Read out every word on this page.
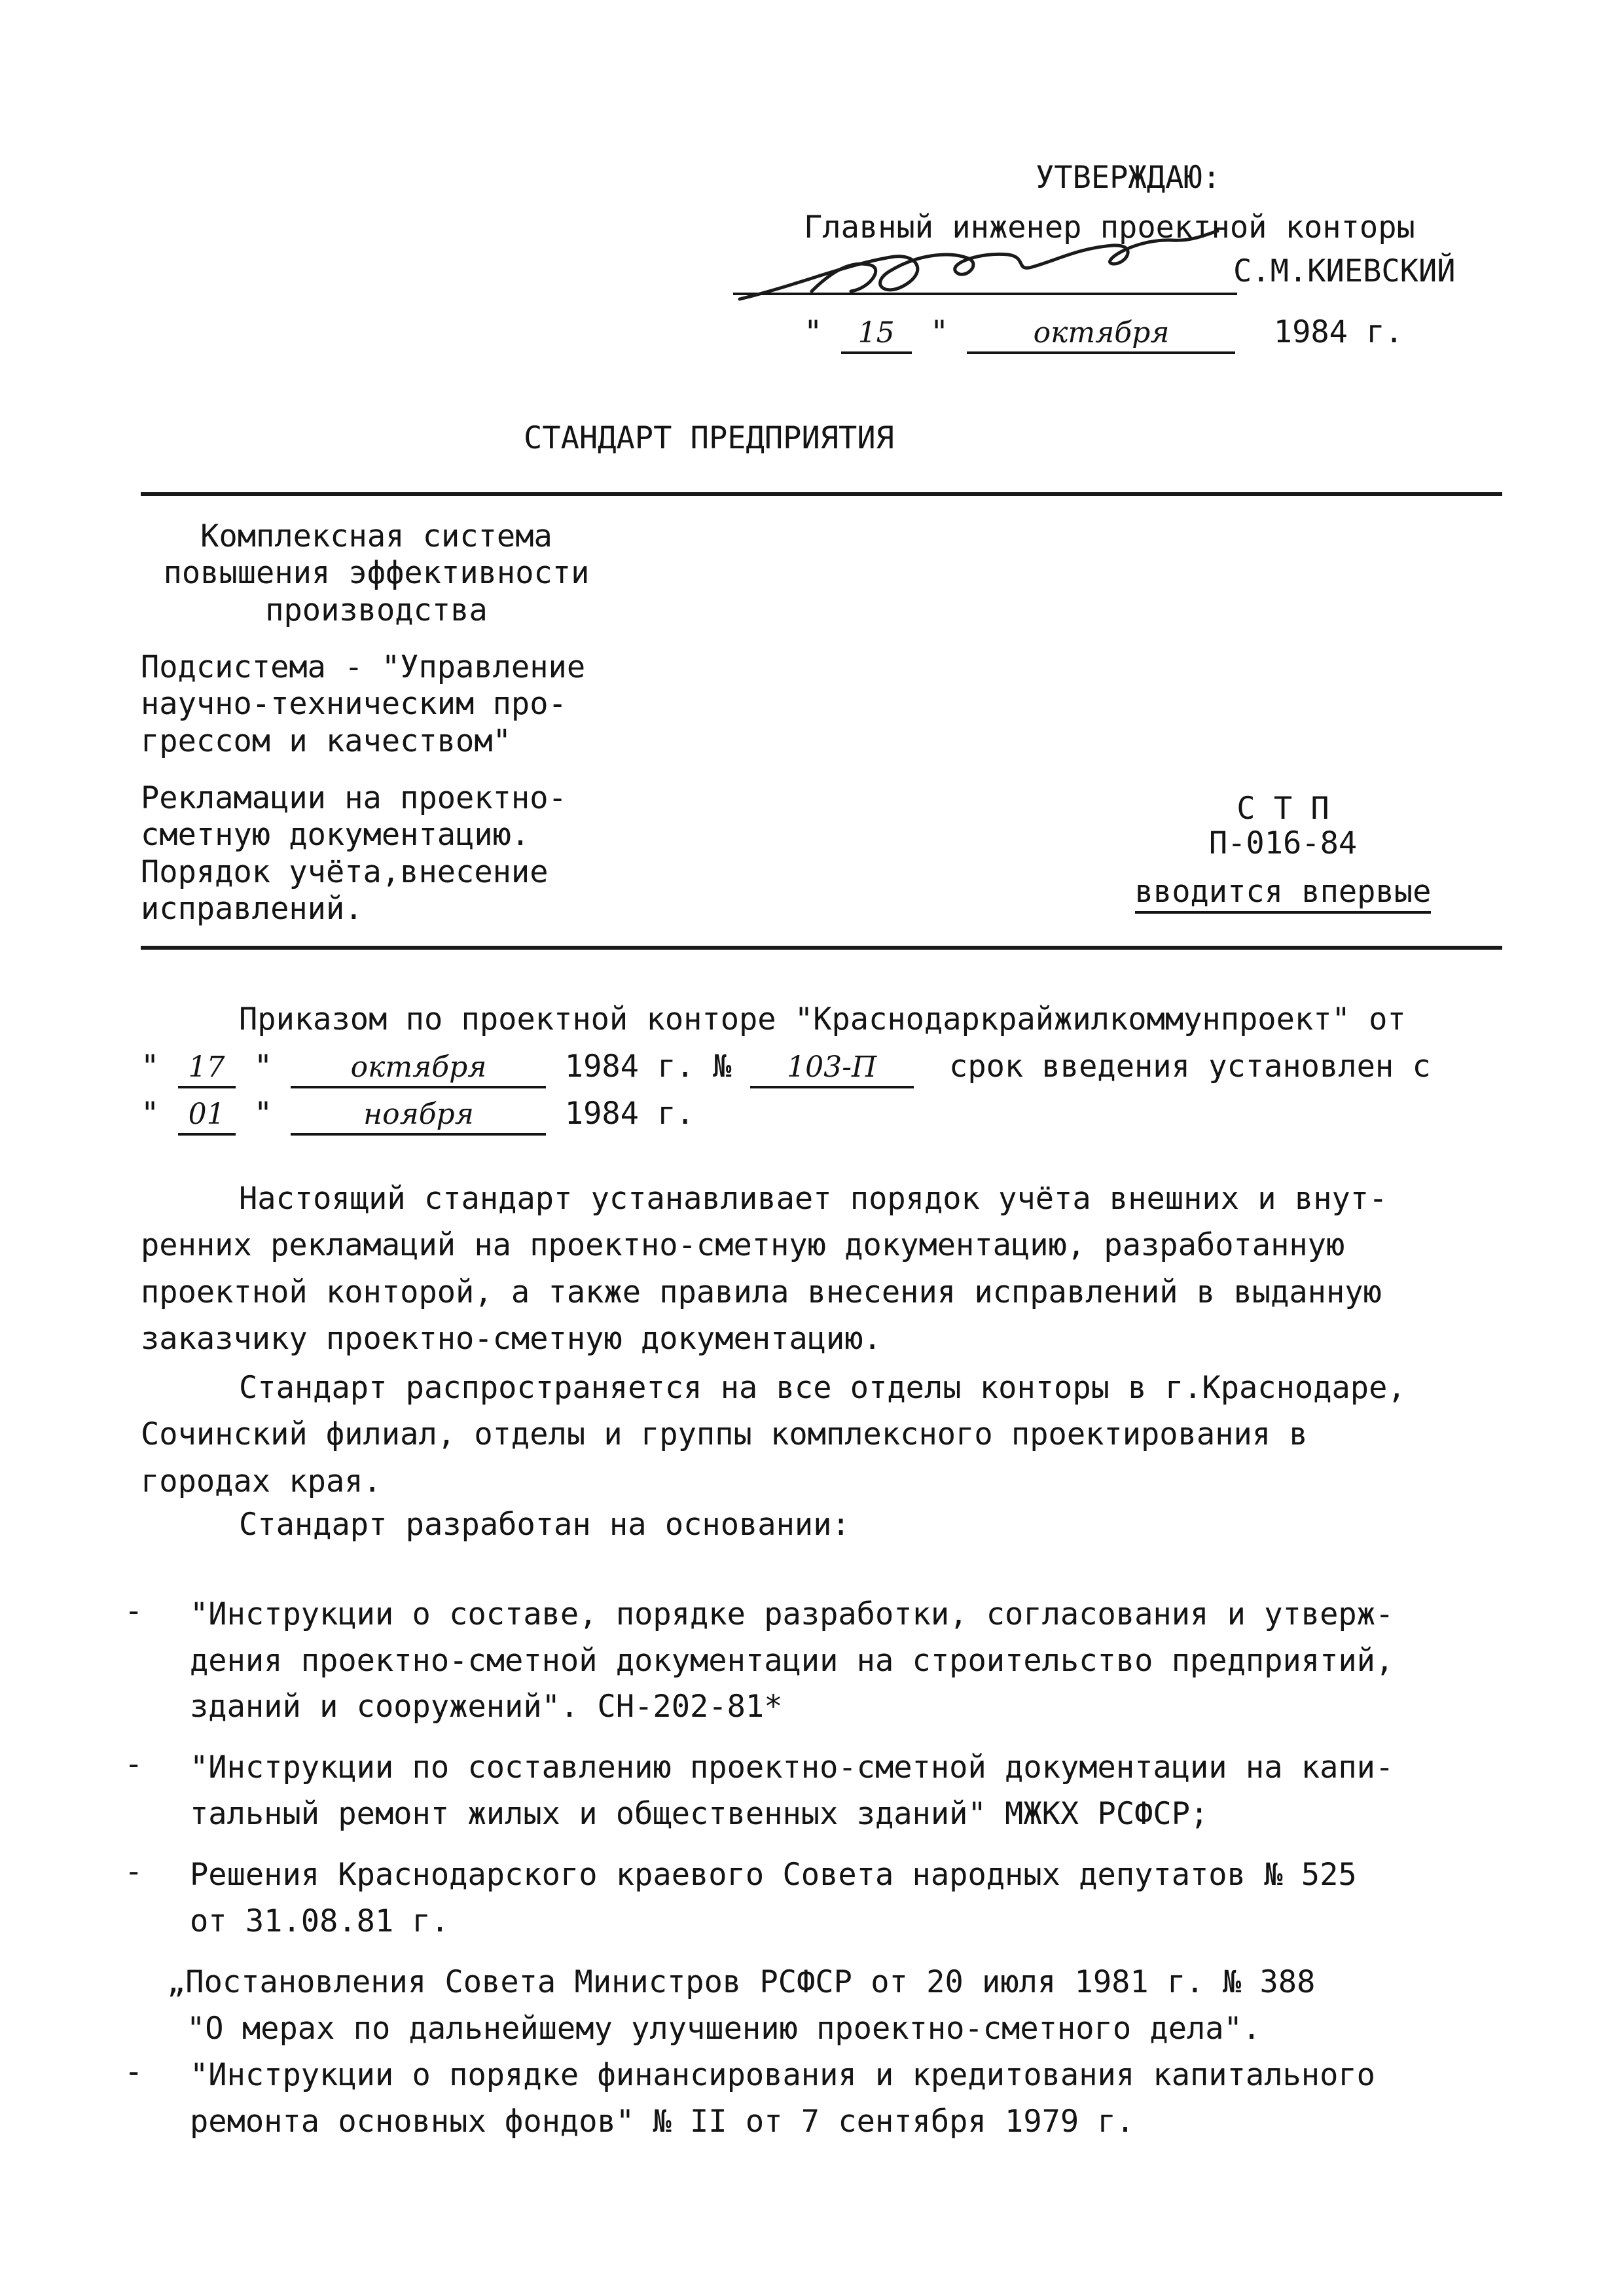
УТВЕРЖДАЮ:
Главный инженер проектной конторы
С.М.КИЕВСКИЙ
" 15 "	октября	1984 г.
СТАНДАРТ ПРЕДПРИЯТИЯ
Комплексная система
повышения эффективности
производства
Подсистема - "Управление
научно-техническим про-
грессом и качеством"
Рекламации на проектно-
сметную документацию.
Порядок учёта,внесение
исправлений.
С Т П
П-016-84
вводится впервые
Приказом по проектной конторе "Краснодаркрайжилкоммунпроект" от
" 17 "	октября	1984 г. № 103-П срок введения установлен с
" 01 "	ноября	1984 г.

Настоящий стандарт устанавливает порядок учёта внешних и внут-

ренних рекламаций на проектно-сметную документацию, разработанную

проектной конторой, а также правила внесения исправлений в выданную

заказчику проектно-сметную документацию.

Стандарт распространяется на все отделы конторы в г.Краснодаре,

Сочинский филиал, отделы и группы комплексного проектирования в

городах края.

Стандарт разработан на основании:
- "Инструкции о составе, порядке разработки, согласования и утверж-

дения проектно-сметной документации на строительство предприятий,

зданий и сооружений". СН-202-81*

- "Инструкции по составлению проектно-сметной документации на капи-

тальный ремонт жилых и общественных зданий" МЖКХ РСФСР;

- Решения Краснодарского краевого Совета народных депутатов № 525

от 31.08.81 г.

„Постановления Совета Министров РСФСР от 20 июля 1981 г. № 388

"О мерах по дальнейшему улучшению проектно-сметного дела".

- "Инструкции о порядке финансирования и кредитования капитального

ремонта основных фондов" № II от 7 сентября 1979 г.
